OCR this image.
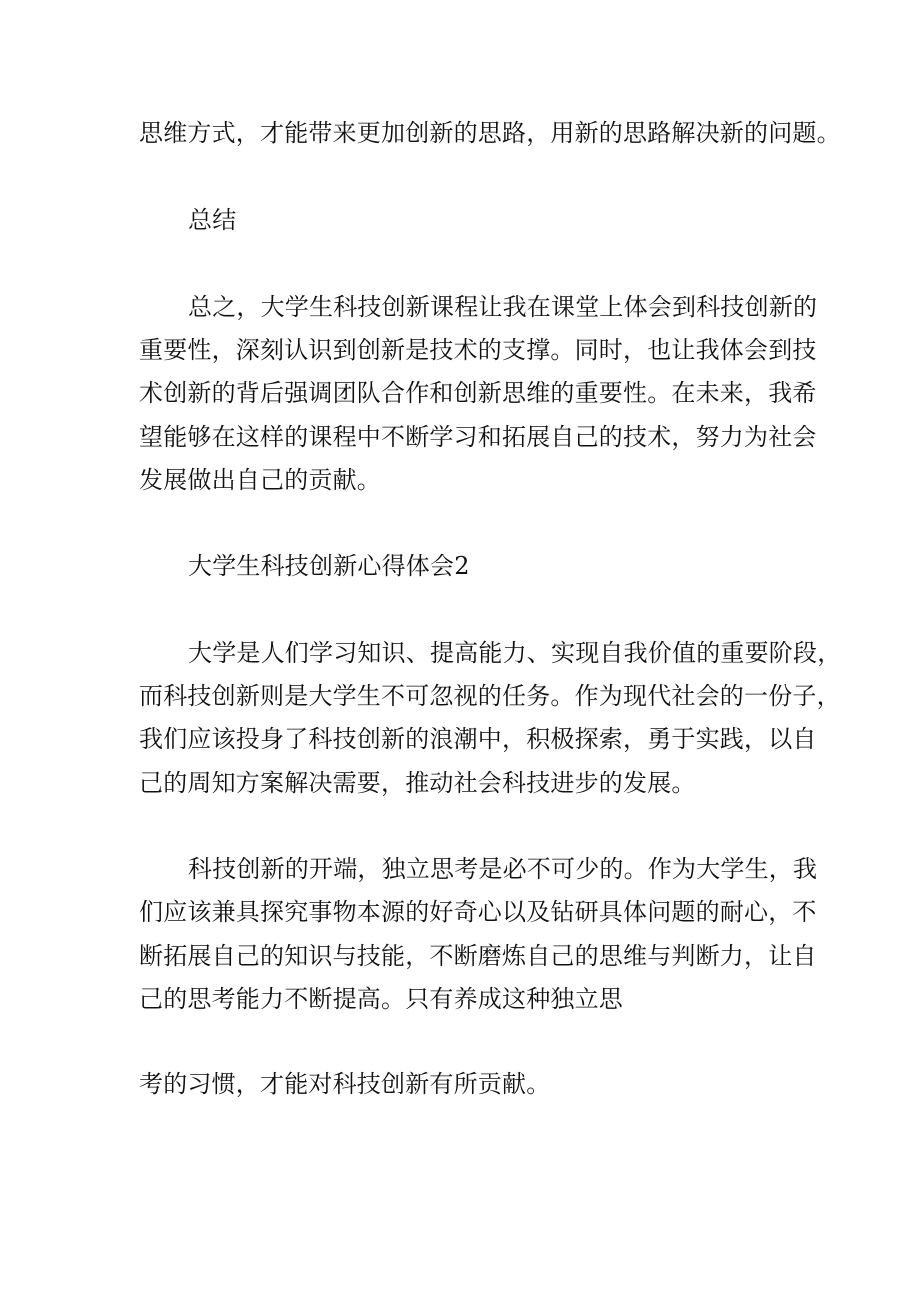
思维方式，才能带来更加创新的思路，用新的思路解决新的问题。
总结
总之，大学生科技创新课程让我在课堂上体会到科技创新的
重要性，深刻认识到创新是技术的支撑。同时，也让我体会到技
术创新的背后强调团队合作和创新思维的重要性。在未来，我希
望能够在这样的课程中不断学习和拓展自己的技术，努力为社会
发展做出自己的贡献。
大学生科技创新心得体会2
大学是人们学习知识、提高能力、实现自我价值的重要阶段，
而科技创新则是大学生不可忽视的任务。作为现代社会的一份子，
我们应该投身了科技创新的浪潮中，积极探索，勇于实践，以自
己的周知方案解决需要，推动社会科技进步的发展。
科技创新的开端，独立思考是必不可少的。作为大学生，我
们应该兼具探究事物本源的好奇心以及钻研具体问题的耐心，不
断拓展自己的知识与技能，不断磨炼自己的思维与判断力，让自
己的思考能力不断提高。只有养成这种独立思
考的习惯，才能对科技创新有所贡献。
